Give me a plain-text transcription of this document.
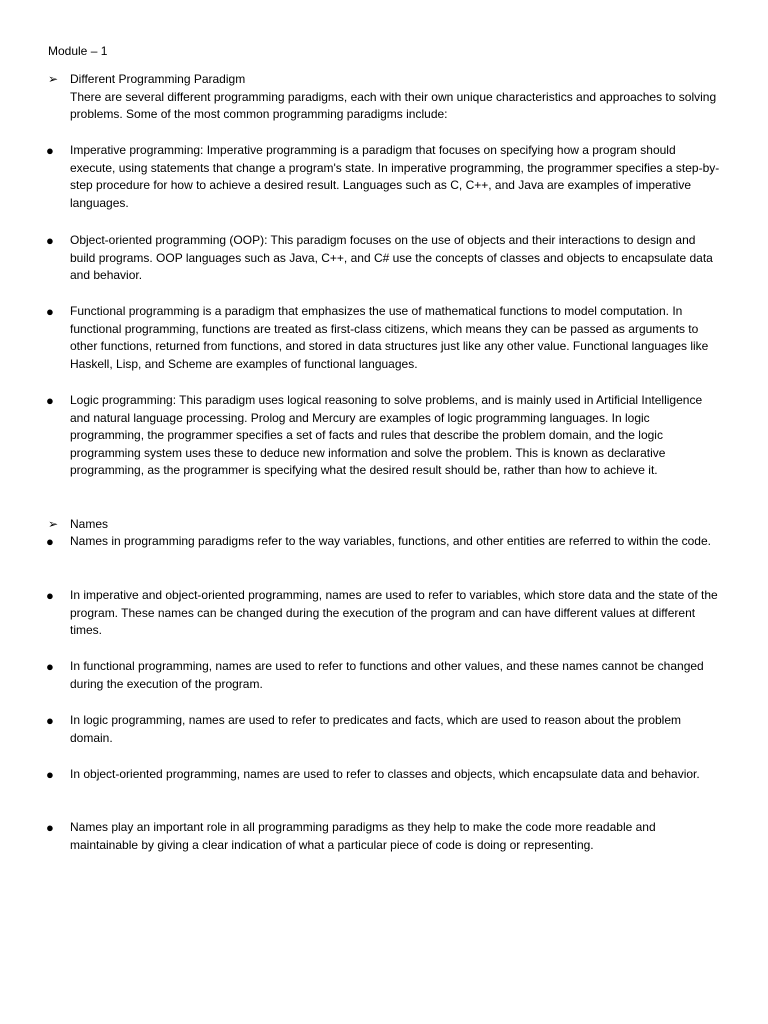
Module – 1
➢ Different Programming Paradigm
There are several different programming paradigms, each with their own unique characteristics and approaches to solving problems. Some of the most common programming paradigms include:
●	Imperative programming: Imperative programming is a paradigm that focuses on specifying how a program should execute, using statements that change a program's state. In imperative programming, the programmer specifies a step-by-step procedure for how to achieve a desired result. Languages such as C, C++, and Java are examples of imperative languages.
●	Object-oriented programming (OOP): This paradigm focuses on the use of objects and their interactions to design and build programs. OOP languages such as Java, C++, and C# use the concepts of classes and objects to encapsulate data and behavior.
●	Functional programming is a paradigm that emphasizes the use of mathematical functions to model computation. In functional programming, functions are treated as first-class citizens, which means they can be passed as arguments to other functions, returned from functions, and stored in data structures just like any other value. Functional languages like Haskell, Lisp, and Scheme are examples of functional languages.
●	Logic programming: This paradigm uses logical reasoning to solve problems, and is mainly used in Artificial Intelligence and natural language processing. Prolog and Mercury are examples of logic programming languages. In logic programming, the programmer specifies a set of facts and rules that describe the problem domain, and the logic programming system uses these to deduce new information and solve the problem. This is known as declarative programming, as the programmer is specifying what the desired result should be, rather than how to achieve it.
➢ Names
●	Names in programming paradigms refer to the way variables, functions, and other entities are referred to within the code.
●	In imperative and object-oriented programming, names are used to refer to variables, which store data and the state of the program. These names can be changed during the execution of the program and can have different values at different times.
●	In functional programming, names are used to refer to functions and other values, and these names cannot be changed during the execution of the program.
●	In logic programming, names are used to refer to predicates and facts, which are used to reason about the problem domain.
●	In object-oriented programming, names are used to refer to classes and objects, which encapsulate data and behavior.
●	Names play an important role in all programming paradigms as they help to make the code more readable and maintainable by giving a clear indication of what a particular piece of code is doing or representing.
